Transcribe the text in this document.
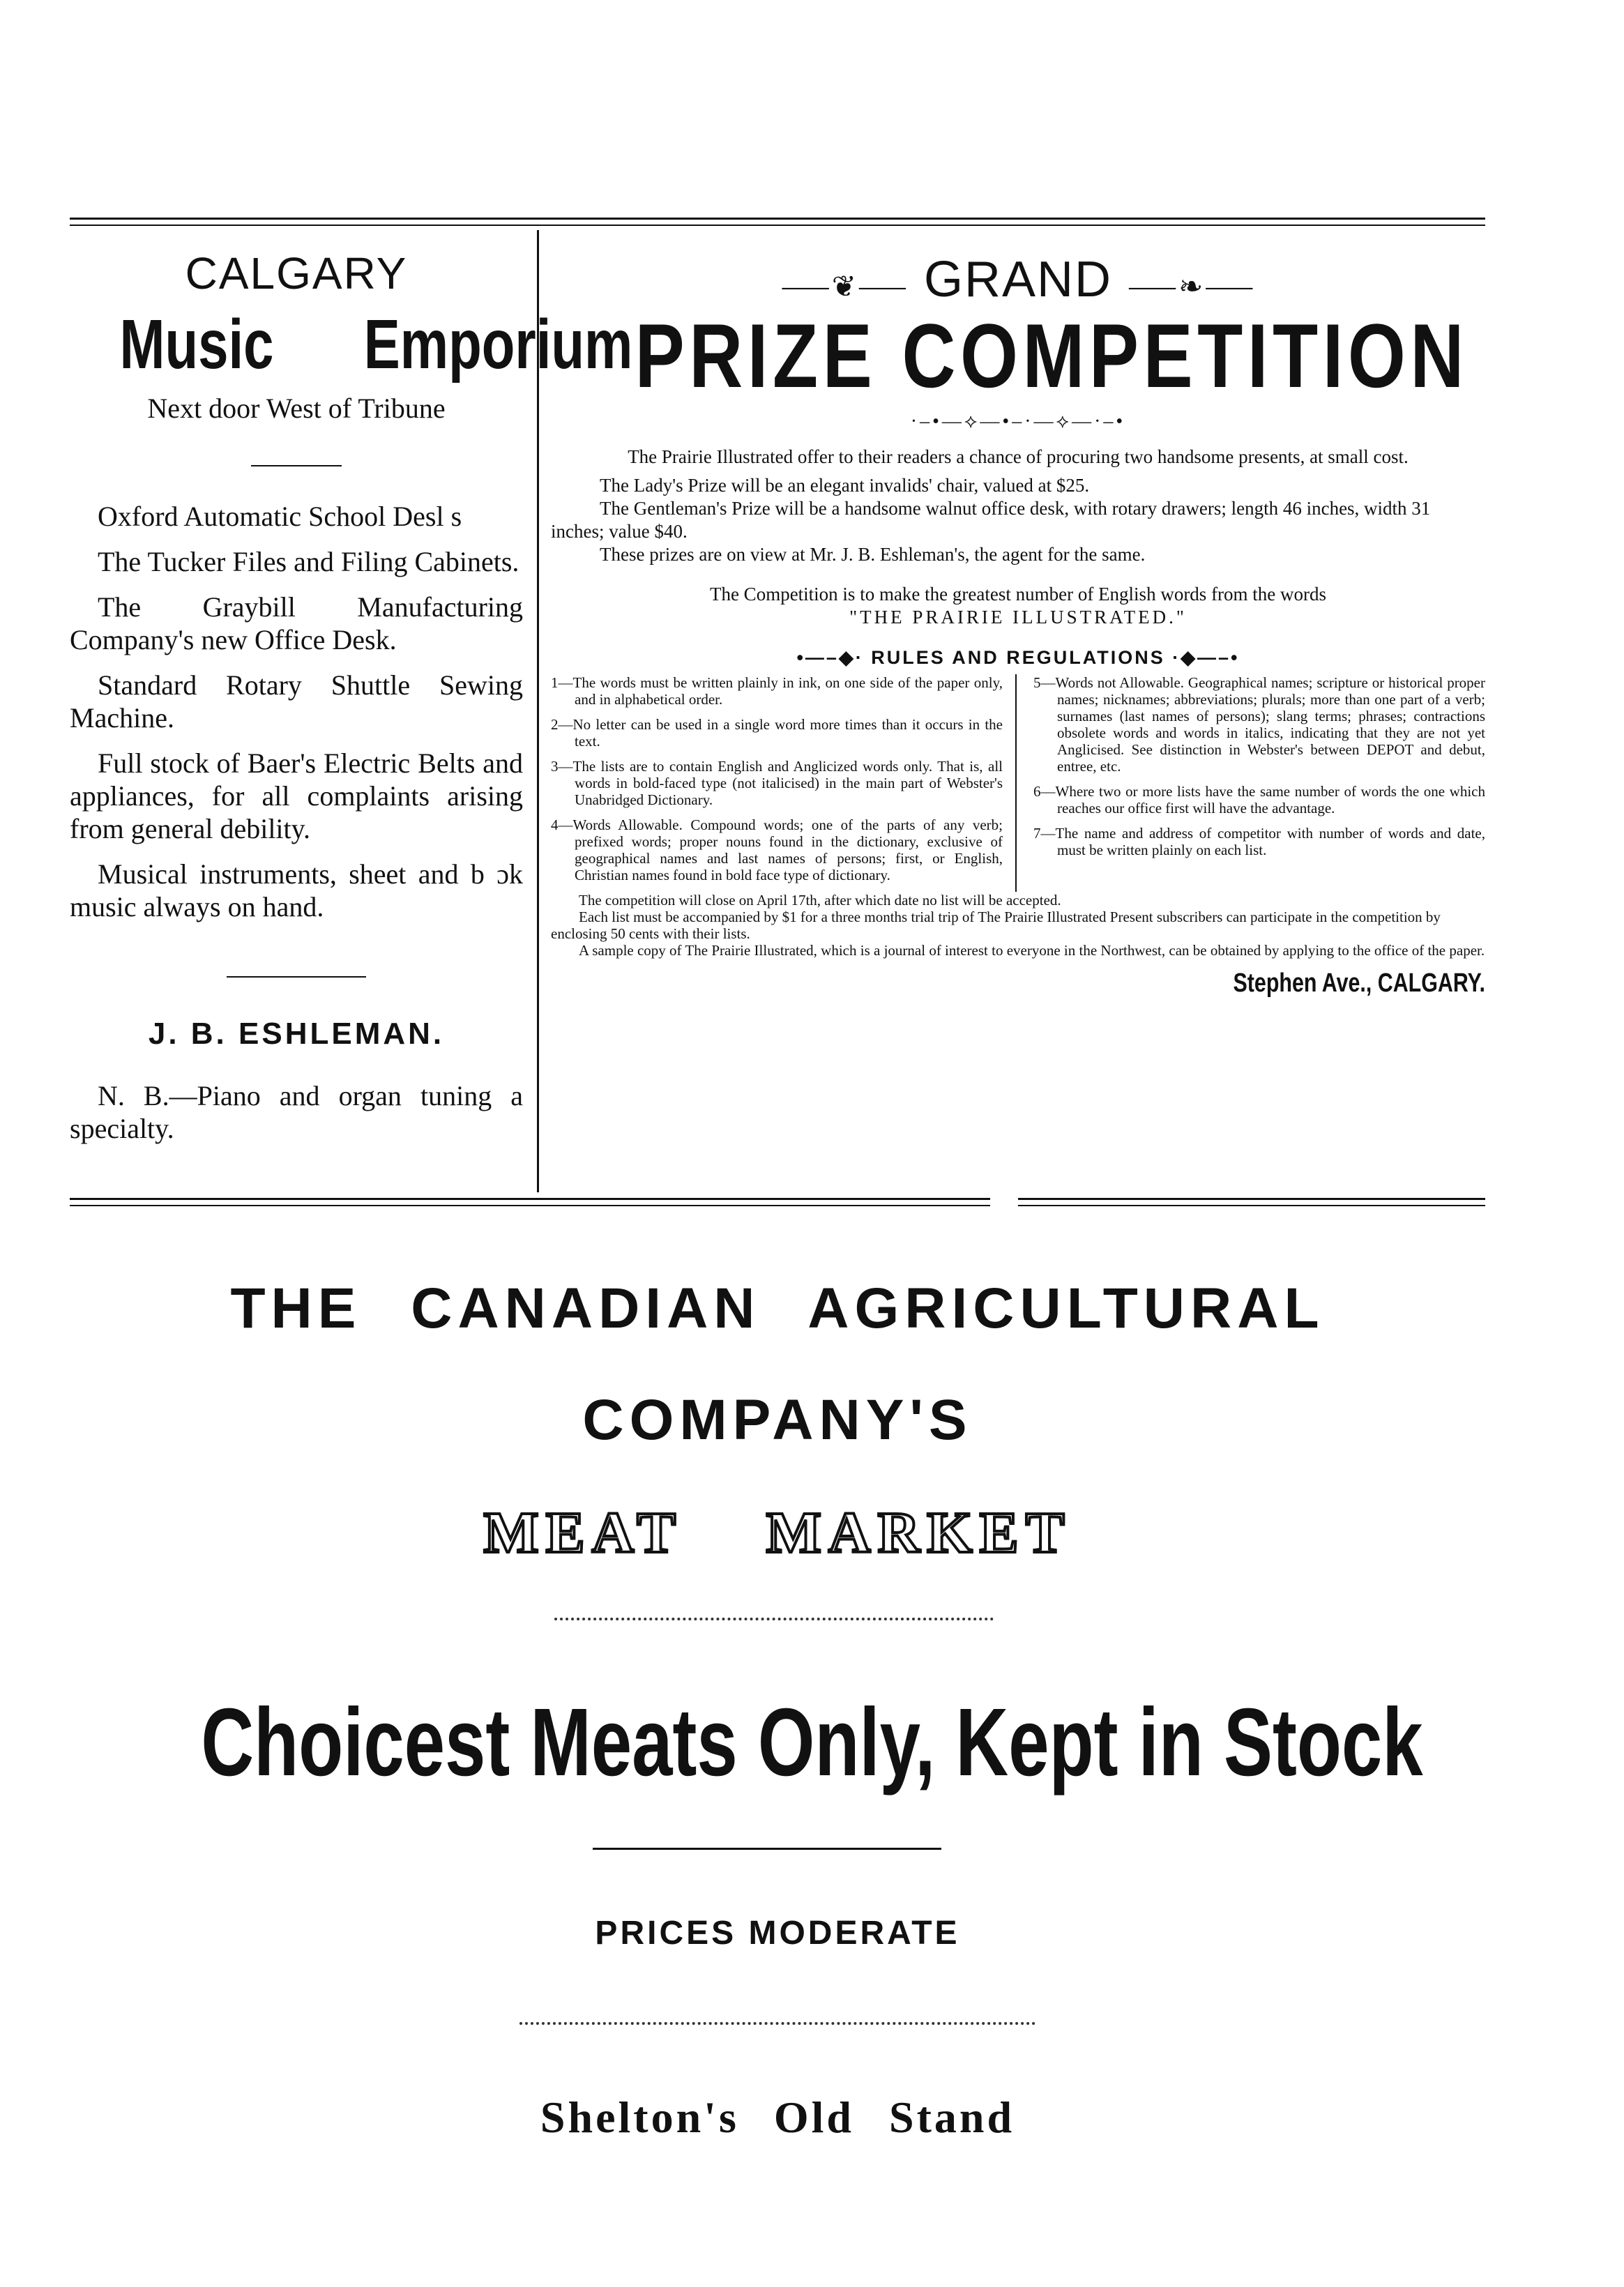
CALGARY
Music Emporium
Next door West of Tribune

Oxford Automatic School Desl s

The Tucker Files and Filing Cabinets.

The Graybill Manufacturing Company's new Office Desk.

Standard Rotary Shuttle Sewing Machine.

Full stock of Baer's Electric Belts and appliances, for all complaints arising from general debility.

Musical instruments, sheet and b ɔk music always on hand.

J. B. ESHLEMAN.
N. B.—Piano and organ tuning a specialty.
⸺❦⸺ GRAND ⸺❧⸺
PRIZE COMPETITION
·–•—⟡—•–·—⟡—·–•

The Prairie Illustrated offer to their readers a chance of procuring two handsome presents, at small cost.

The Lady's Prize will be an elegant invalids' chair, valued at $25.

The Gentleman's Prize will be a handsome walnut office desk, with rotary drawers; length 46 inches, width 31 inches; value $40.

These prizes are on view at Mr. J. B. Eshleman's, the agent for the same.

The Competition is to make the greatest number of English words from the words

"THE PRAIRIE ILLUSTRATED."

•—–◆· RULES AND REGULATIONS ·◆—–•

1—The words must be written plainly in ink, on one side of the paper only, and in alphabetical order.

2—No letter can be used in a single word more times than it occurs in the text.

3—The lists are to contain English and Anglicized words only. That is, all words in bold-faced type (not italicised) in the main part of Webster's Unabridged Dictionary.

4—Words Allowable. Compound words; one of the parts of any verb; prefixed words; proper nouns found in the dictionary, exclusive of geographical names and last names of persons; first, or English, Christian names found in bold face type of dictionary.

5—Words not Allowable. Geographical names; scripture or historical proper names; nicknames; abbreviations; plurals; more than one part of a verb; surnames (last names of persons); slang terms; phrases; contractions obsolete words and words in italics, indicating that they are not yet Anglicised. See distinction in Webster's between DEPOT and debut, entree, etc.

6—Where two or more lists have the same number of words the one which reaches our office first will have the advantage.

7—The name and address of competitor with number of words and date, must be written plainly on each list.

The competition will close on April 17th, after which date no list will be accepted.

Each list must be accompanied by $1 for a three months trial trip of The Prairie Illustrated Present subscribers can participate in the competition by enclosing 50 cents with their lists.

A sample copy of The Prairie Illustrated, which is a journal of interest to everyone in the Northwest, can be obtained by applying to the office of the paper.

Stephen Ave., CALGARY.
THE CANADIAN AGRICULTURAL
COMPANY'S
MEAT MARKET
Choicest Meats Only, Kept in Stock
PRICES MODERATE
Shelton's Old Stand
